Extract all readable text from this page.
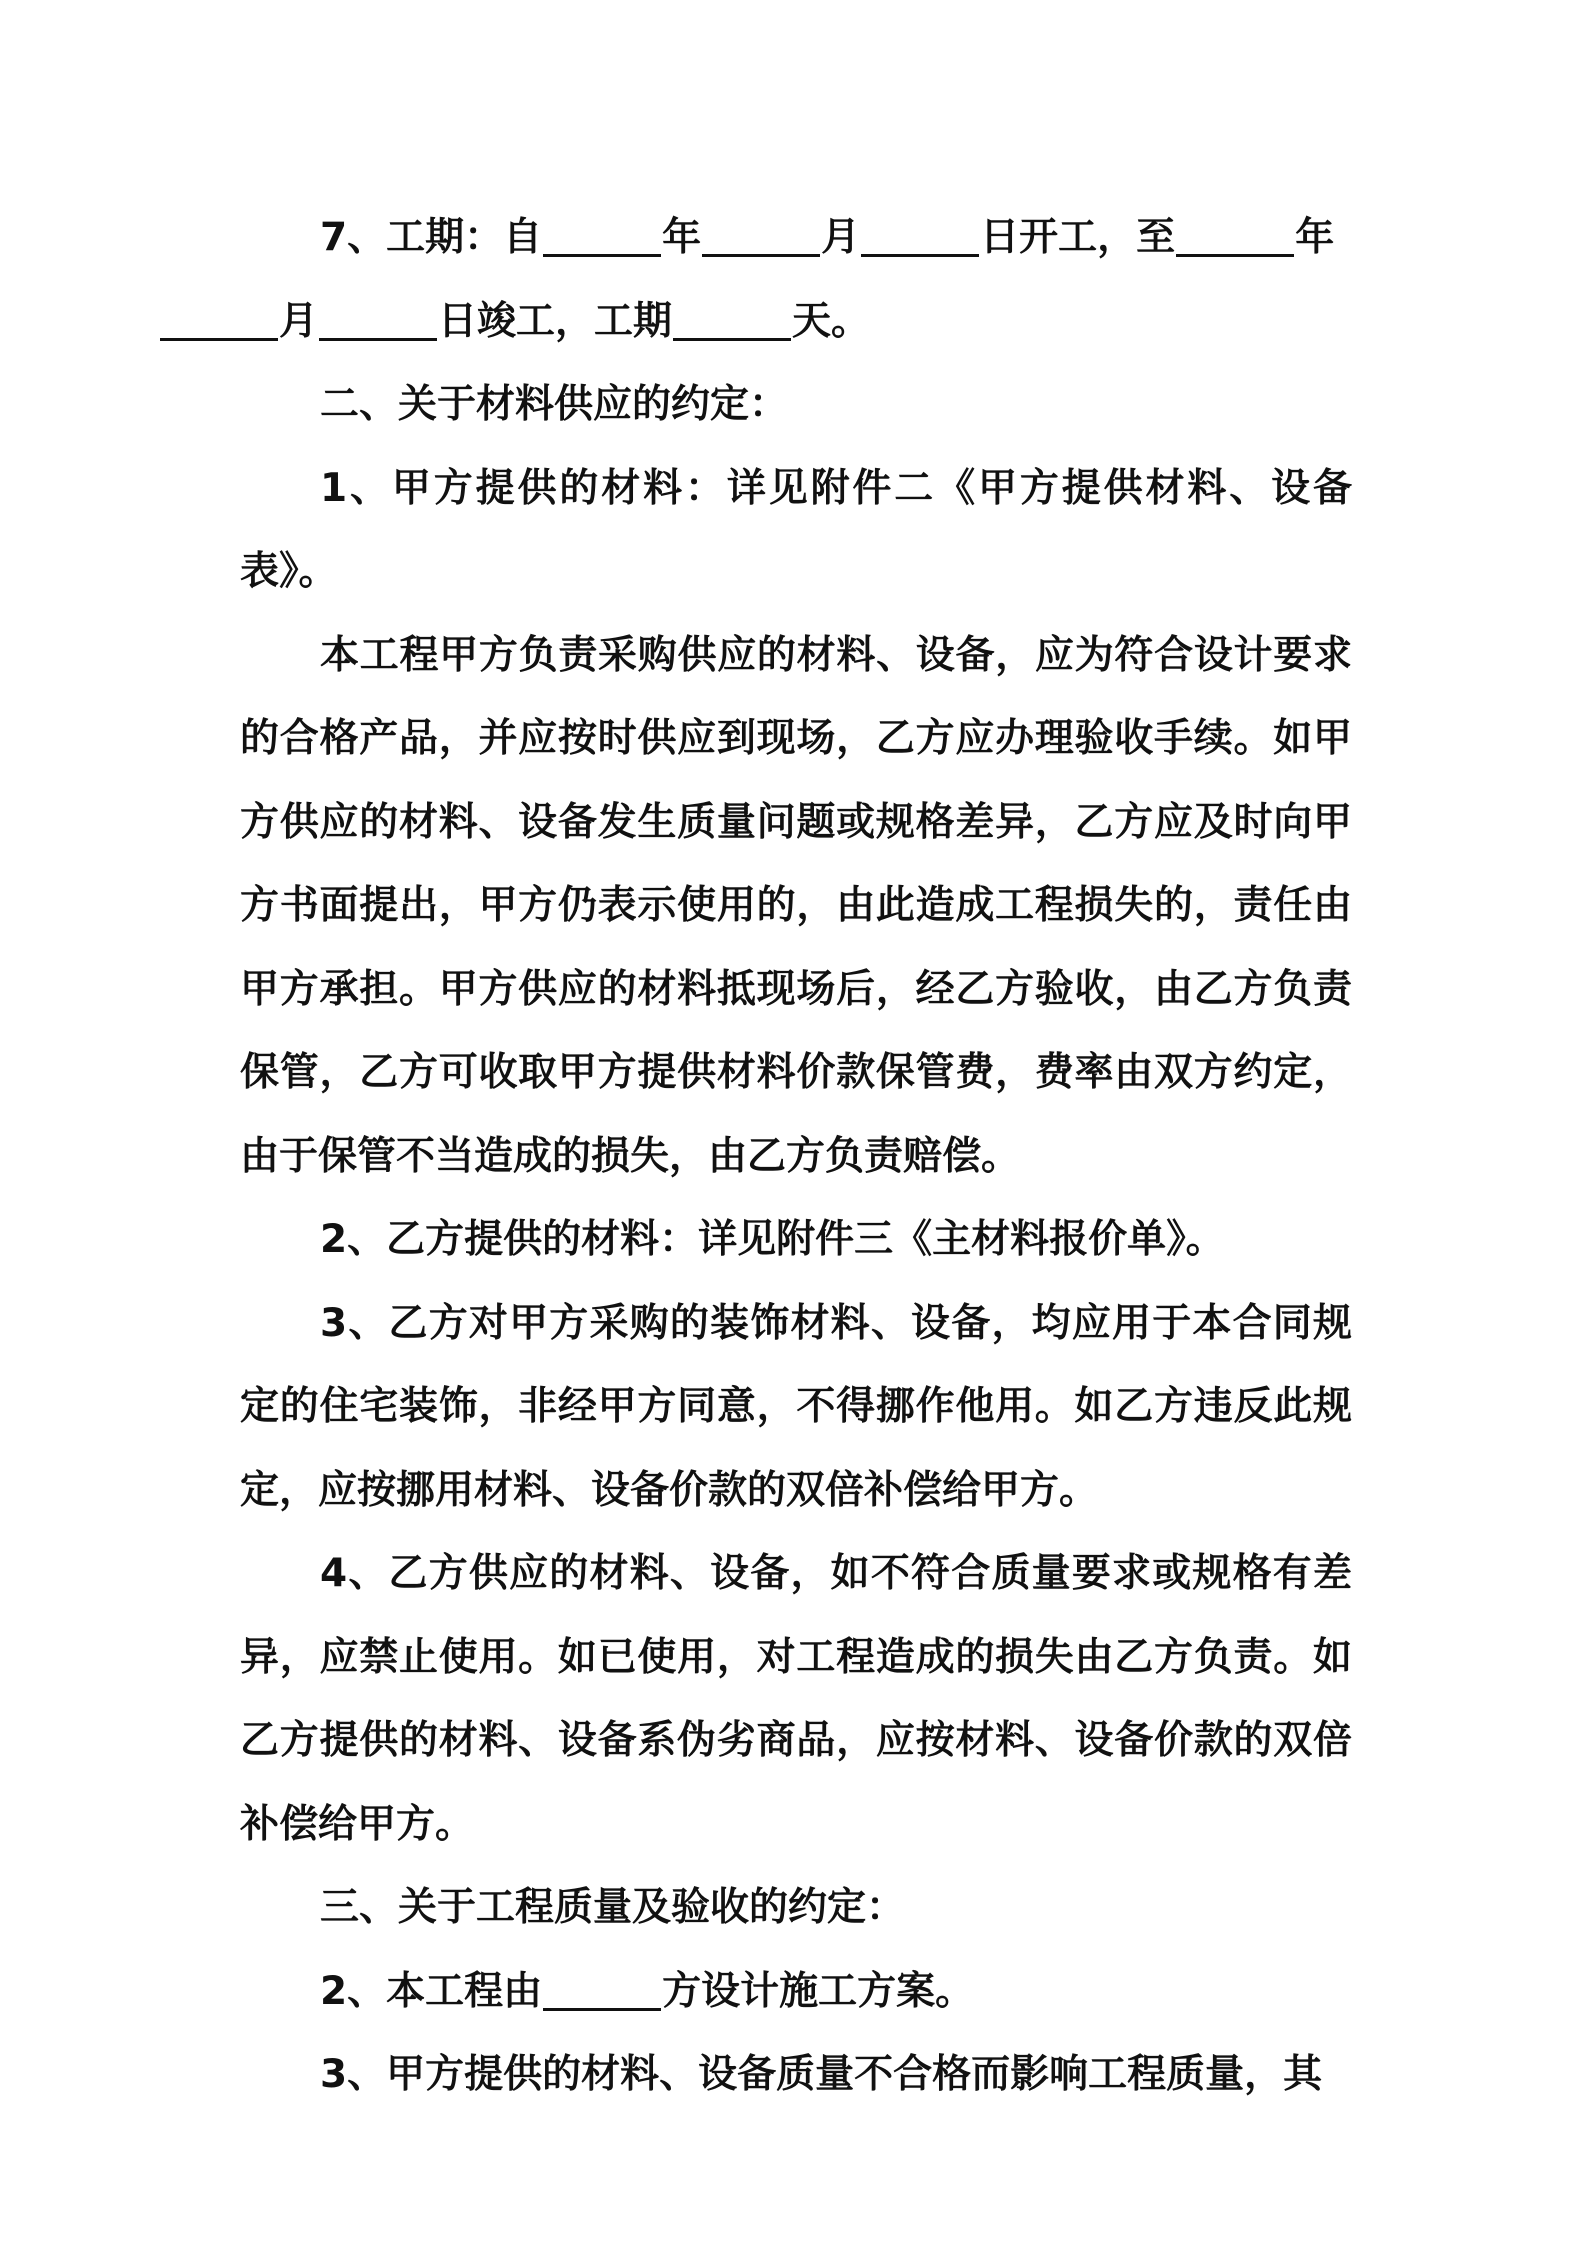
7、工期：自	年	月	日开工，至	年
月	日竣工，工期	天。

二、关于材料供应的约定：

1、甲方提供的材料：详见附件二《甲方提供材料、设备表》。

本工程甲方负责采购供应的材料、设备，应为符合设计要求的合格产品，并应按时供应到现场，乙方应办理验收手续。如甲方供应的材料、设备发生质量问题或规格差异，乙方应及时向甲方书面提出，甲方仍表示使用的，由此造成工程损失的，责任由甲方承担。甲方供应的材料抵现场后，经乙方验收，由乙方负责保管，乙方可收取甲方提供材料价款保管费，费率由双方约定，由于保管不当造成的损失，由乙方负责赔偿。

2、乙方提供的材料：详见附件三《主材料报价单》。

3、乙方对甲方采购的装饰材料、设备，均应用于本合同规定的住宅装饰，非经甲方同意，不得挪作他用。如乙方违反此规定，应按挪用材料、设备价款的双倍补偿给甲方。

4、乙方供应的材料、设备，如不符合质量要求或规格有差异，应禁止使用。如已使用，对工程造成的损失由乙方负责。如乙方提供的材料、设备系伪劣商品，应按材料、设备价款的双倍补偿给甲方。

三、关于工程质量及验收的约定：

2、本工程由	方设计施工方案。

3、甲方提供的材料、设备质量不合格而影响工程质量，其
